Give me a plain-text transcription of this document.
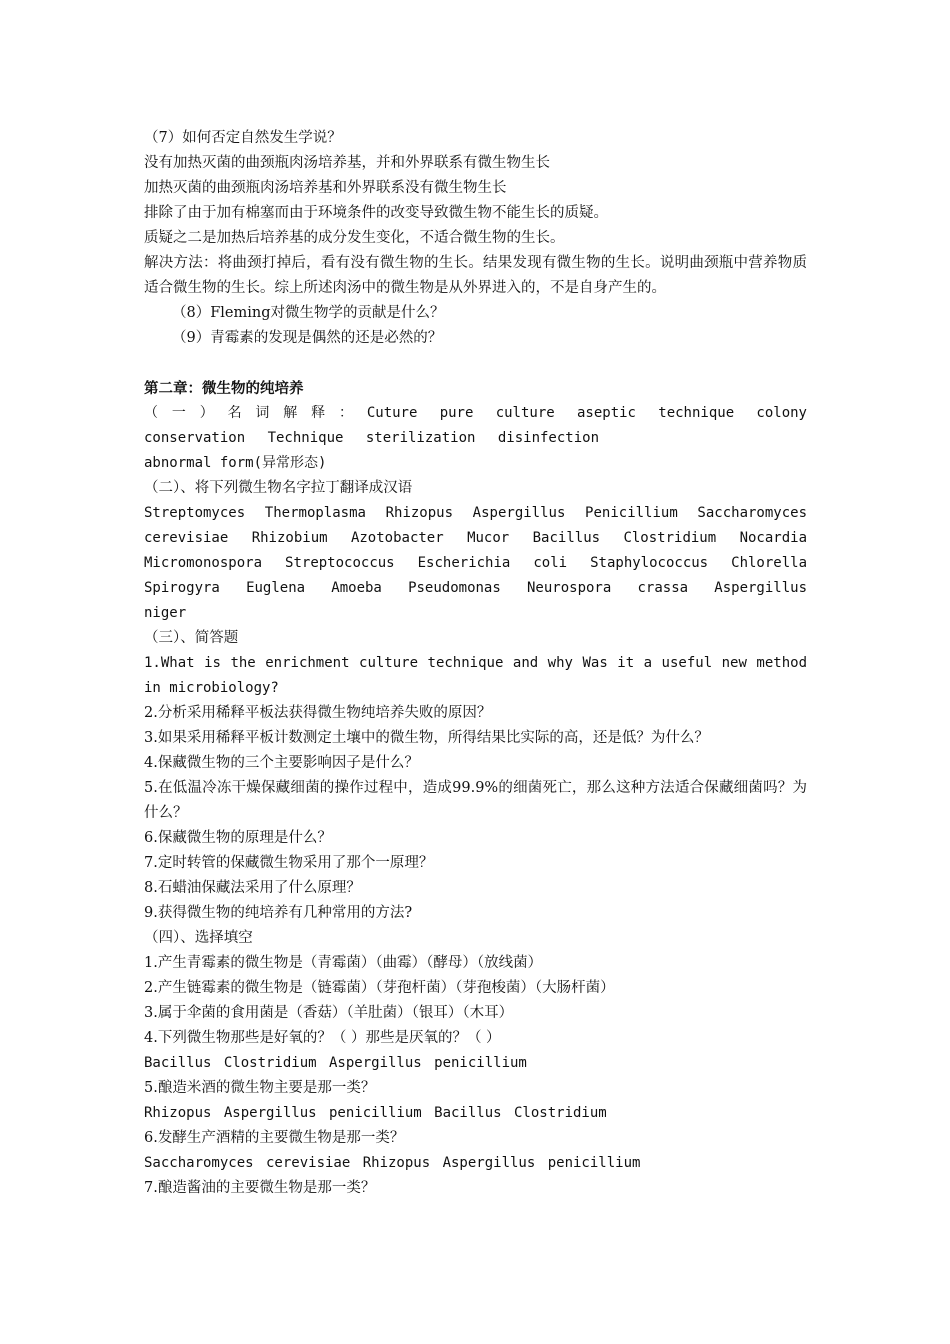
（7）如何否定自然发生学说？
没有加热灭菌的曲颈瓶肉汤培养基，并和外界联系有微生物生长
加热灭菌的曲颈瓶肉汤培养基和外界联系没有微生物生长
排除了由于加有棉塞而由于环境条件的改变导致微生物不能生长的质疑。
质疑之二是加热后培养基的成分发生变化，不适合微生物的生长。
解决方法：将曲颈打掉后，看有没有微生物的生长。结果发现有微生物的生长。说明曲颈瓶中营养物质适合微生物的生长。综上所述肉汤中的微生物是从外界进入的，不是自身产生的。
（8）Fleming对微生物学的贡献是什么？
（9）青霉素的发现是偶然的还是必然的？
第二章：微生物的纯培养
（一）名词解释：Cuture pure culture aseptic technique colony
conservation Technique sterilization disinfection
abnormal form(异常形态)
（二）、将下列微生物名字拉丁翻译成汉语
Streptomyces Thermoplasma Rhizopus Aspergillus Penicillium Saccharomyces
cerevisiae Rhizobium Azotobacter Mucor Bacillus Clostridium Nocardia
Micromonospora Streptococcus Escherichia coli Staphylococcus Chlorella
Spirogyra Euglena Amoeba Pseudomonas Neurospora crassa Aspergillus
niger
（三）、简答题
1.What is the enrichment culture technique and why Was it a useful new method in microbiology?
2.分析采用稀释平板法获得微生物纯培养失败的原因？
3.如果采用稀释平板计数测定土壤中的微生物，所得结果比实际的高，还是低？为什么？
4.保藏微生物的三个主要影响因子是什么？
5.在低温冷冻干燥保藏细菌的操作过程中，造成99.9%的细菌死亡，那么这种方法适合保藏细菌吗？为什么？
6.保藏微生物的原理是什么？
7.定时转管的保藏微生物采用了那个一原理？
8.石蜡油保藏法采用了什么原理？
9.获得微生物的纯培养有几种常用的方法?
（四）、选择填空
1.产生青霉素的微生物是（青霉菌）（曲霉）（酵母）（放线菌）
2.产生链霉素的微生物是（链霉菌）（芽孢杆菌）（芽孢梭菌）（大肠杆菌）
3.属于伞菌的食用菌是（香菇）（羊肚菌）（银耳）（木耳）
4.下列微生物那些是好氧的？（ ）那些是厌氧的？（ ）
Bacillus Clostridium Aspergillus penicillium
5.酿造米酒的微生物主要是那一类？
Rhizopus Aspergillus penicillium Bacillus Clostridium
6.发酵生产酒精的主要微生物是那一类？
Saccharomyces cerevisiae Rhizopus Aspergillus penicillium
7.酿造酱油的主要微生物是那一类？
